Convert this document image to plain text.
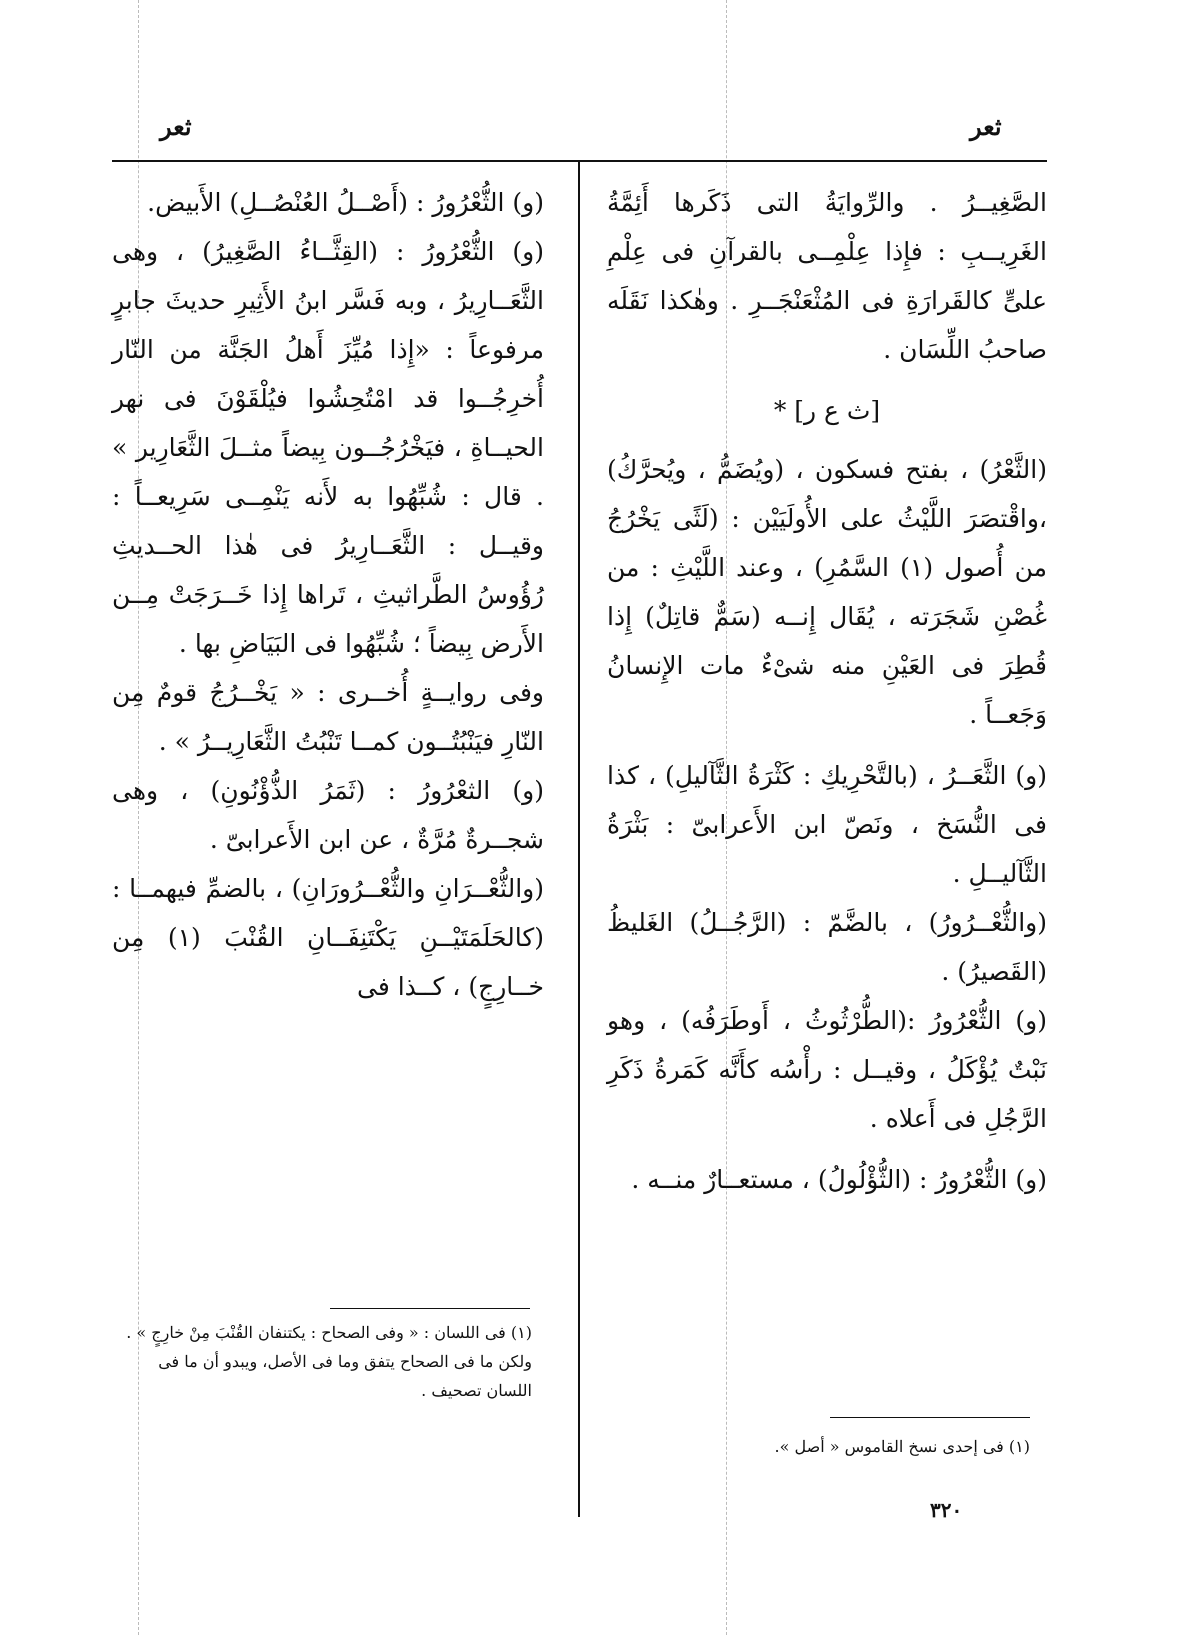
ثعر
ثعر

الصَّغِيــرُ . والرِّوايَةُ التى ذَكَرها أَئِمَّةُ الغَرِيــبِ : فإِذا عِلْمِــى بالقرآنِ فى عِلْمِ علىٍّ كالقَرارَةِ فى المُثْعَنْجَــرِ . وهٰكذا نَقَلَه صاحبُ اللِّسَان .

[ث ع ر] *

(الثَّعْرُ) ، بفتح فسكون ، (ويُضَمُّ ، ويُحرَّكُ) ،واقْتصَرَ اللَّيْثُ على الأُولَيَيْن : (لَثًى يَخْرُجُ من أُصول (١) السَّمُرِ) ، وعند اللَّيْثِ : من غُصْنِ شَجَرَته ، يُقَال إِنــه (سَمٌّ قاتِلٌ) إِذا قُطِرَ فى العَيْنِ منه شىْءٌ مات الإِنسانُ وَجَعــاً .

(و) الثَّعَــرُ ، (بالتَّحْرِيكِ : كَثْرَةُ الثَّآليلِ) ، كذا فى النُّسَخ ، ونَصّ ابن الأَعرابىّ : بَثْرَةُ الثَّآليــلِ .

(والثُّعْــرُورُ) ، بالضَّمّ : (الرَّجُــلُ) الغَليظُ (القَصيرُ) .

(و) الثُّعْرُورُ :(الطُّرْثُوثُ ، أَوطَرَفُه) ، وهو نَبْتٌ يُؤْكَلُ ، وقيــل : رأْسُه كأَنَّه كَمَرةُ ذَكَرِ الرَّجُلِ فى أَعلاه .

(و) الثُّعْرُورُ : (الثُّؤْلُولُ) ، مستعــارٌ منــه .

(و) الثُّعْرُورُ : (أَصْــلُ العُنْصُــلِ) الأَبيض.

(و) الثُّعْرُورُ : (القِثَّــاءُ الصَّغِيرُ) ، وهى الثَّعَــارِيرُ ، وبه فَسَّر ابنُ الأَثِيرِ حديثَ جابرٍ مرفوعاً : «إِذا مُيِّزَ أَهلُ الجَنَّة من النّار أُخرِجُــوا قد امْتُحِشُوا فيُلْقَوْنَ فى نهر الحيــاةِ ، فيَخْرُجُــون بِيضاً مثــلَ الثَّعَارِير » . قال : شُبِّهُوا به لأَنه يَنْمِــى سَرِيعــاً : وقيــل : الثَّعَــارِيرُ فى هٰذا الحــديثِ رُؤُوسُ الطَّراثيثِ ، تَراها إِذا خَــرَجَتْ مِــن الأَرض بِيضاً ؛ شُبِّهُوا فى البَيَاضِ بها .

وفى روايــةٍ أُخــرى : « يَخْــرُجُ قومٌ مِن النّارِ فيَنْبُتُــون كمــا تَنْبُتُ الثَّعَارِيــرُ » .

(و) الثعْرُورُ : (ثَمَرُ الذُّؤْنُونِ) ، وهى شجــرةٌ مُرَّةٌ ، عن ابن الأَعرابىّ .

(والثُّعْــرَانِ والثُّعْــرُورَانِ) ، بالضمِّ فيهمــا : (كالحَلَمَتَيْــنِ يَكْتَنِفَــانِ القُنْبَ (١) مِن خــارِجٍ) ، كــذا فى

(١) فى اللسان : « وفى الصحاح : يكتنفان القُنْبَ مِنْ خارِجٍ » . ولكن ما فى الصحاح يتفق وما فى الأصل، ويبدو أن ما فى اللسان تصحيف .
(١) فى إحدى نسخ القاموس « أصل ».
٣٢٠
